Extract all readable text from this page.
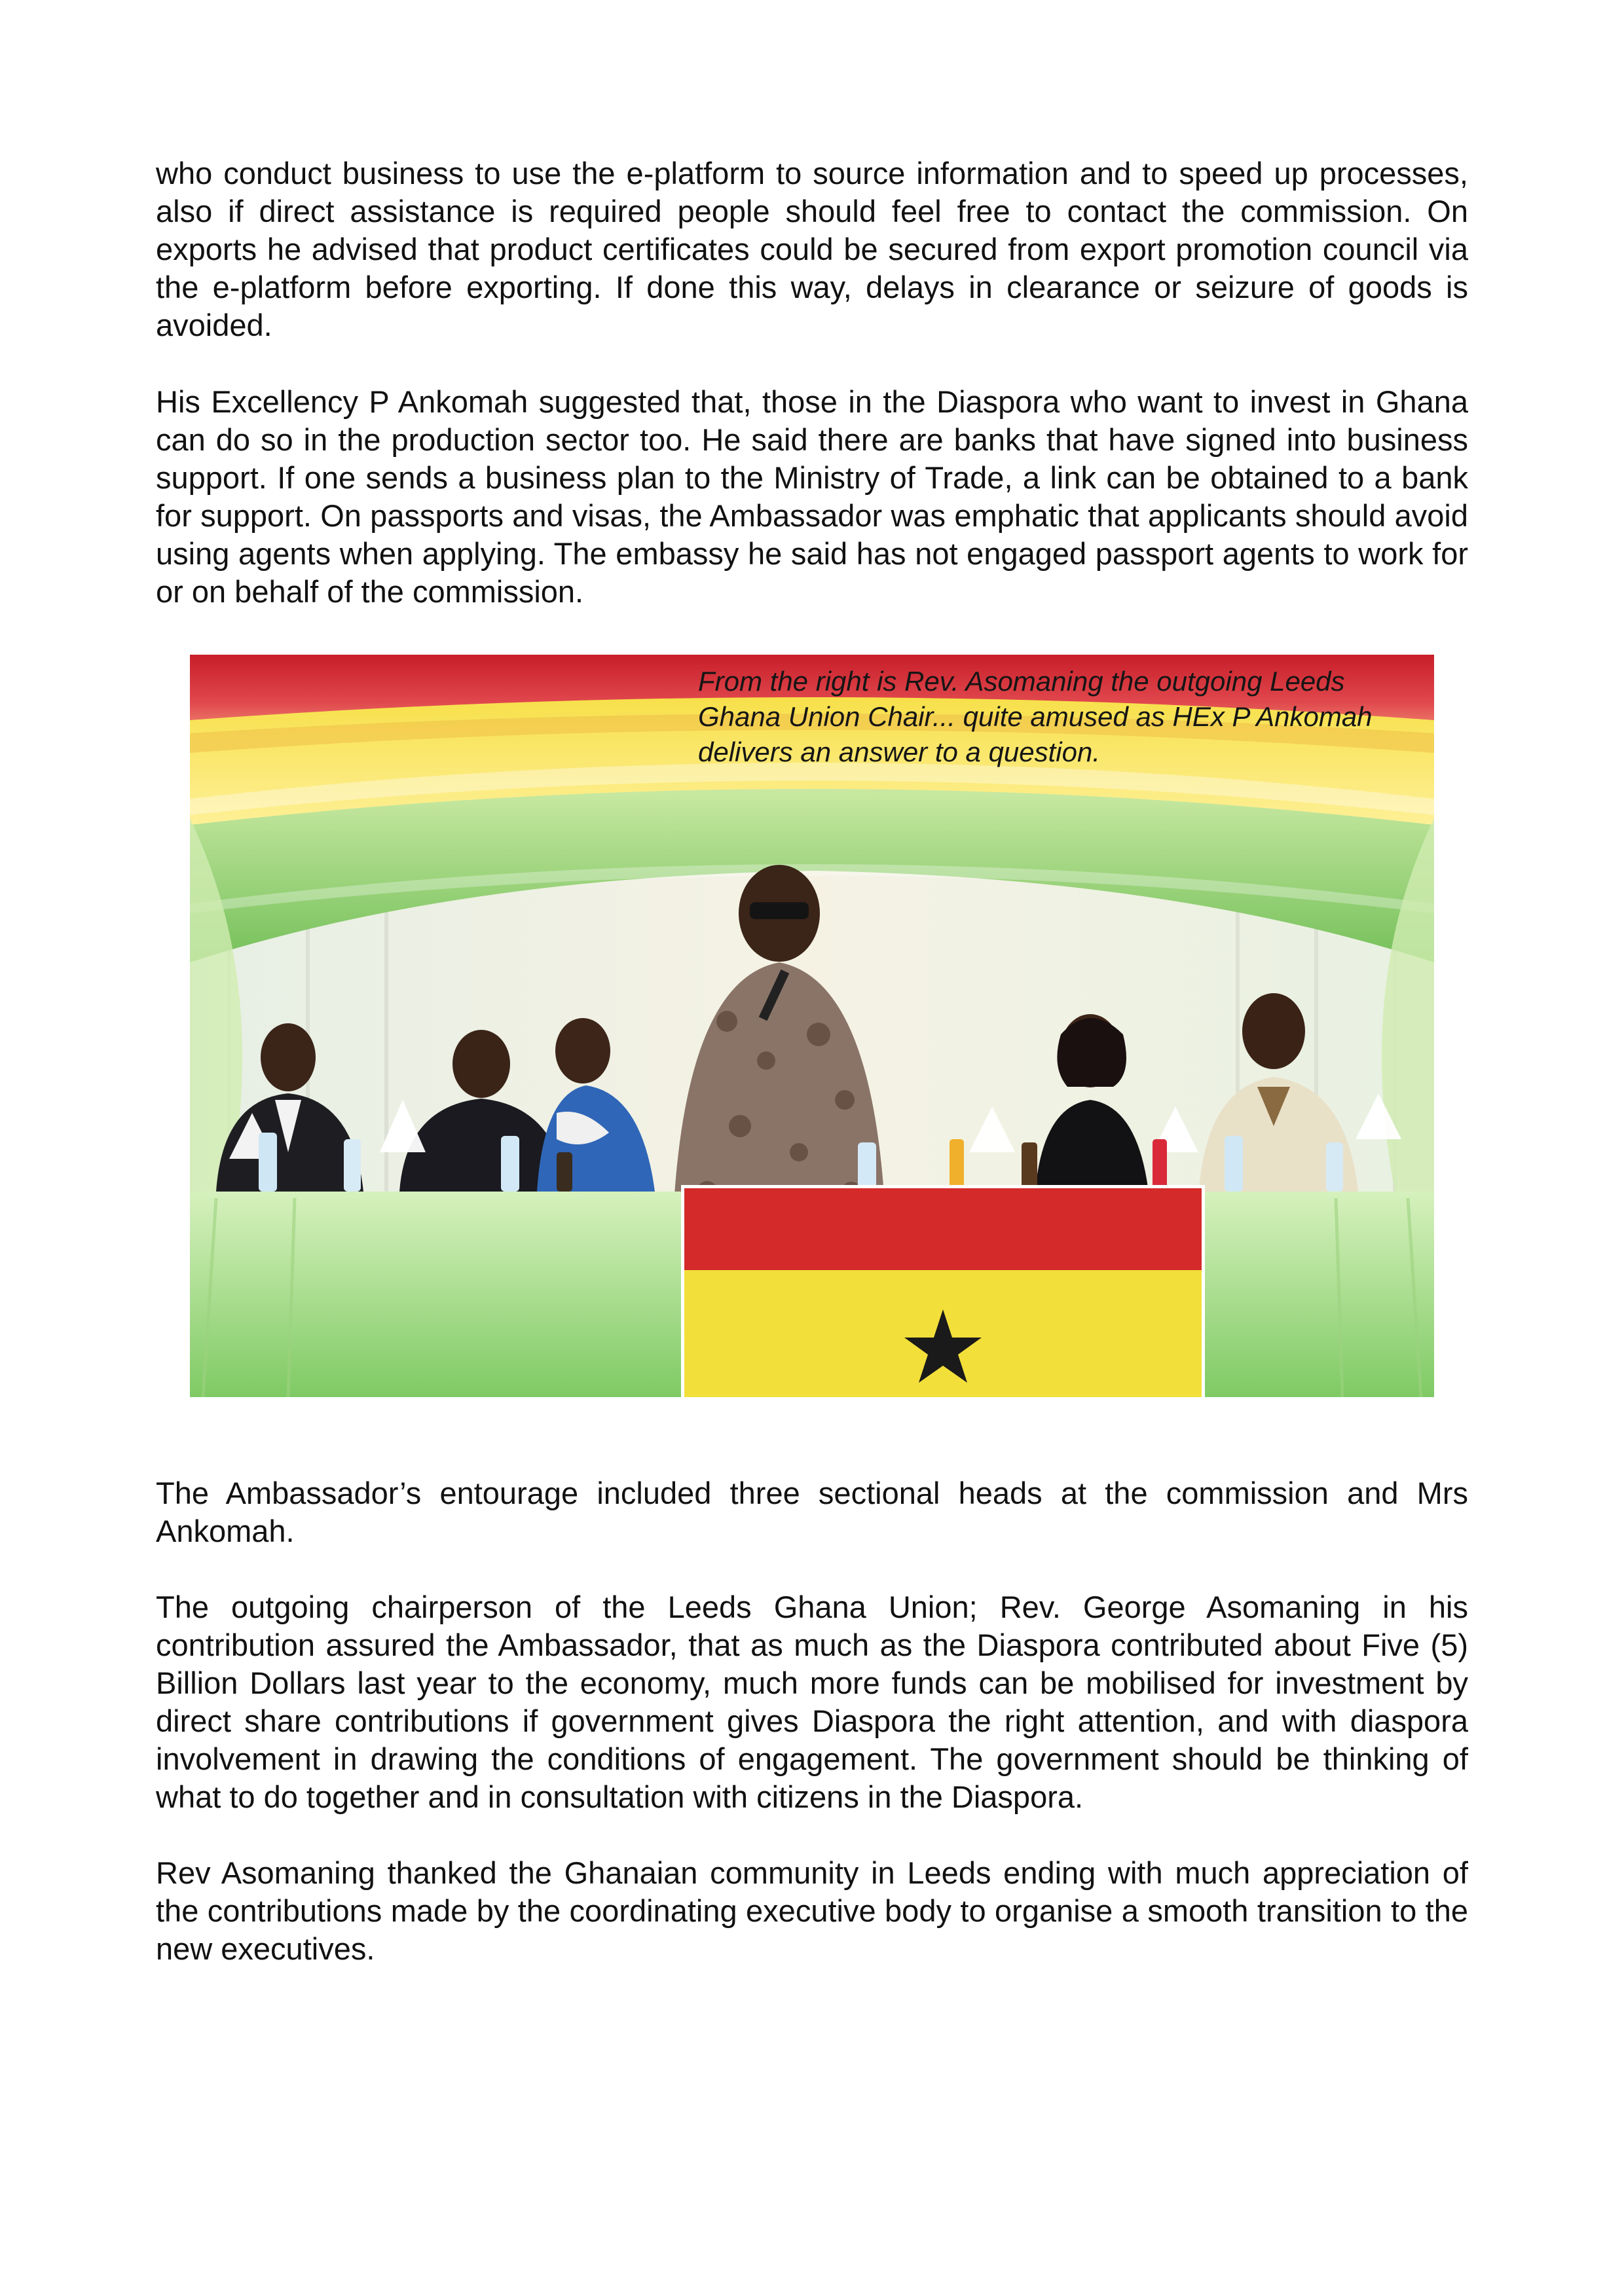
who conduct business to use the e-platform to source information and to speed up processes, also if direct assistance is required people should feel free to contact the commission. On exports he advised that product certificates could be secured from export promotion council via the e-platform before exporting. If done this way, delays in clearance or seizure of goods is avoided.

His Excellency P Ankomah suggested that, those in the Diaspora who want to invest in Ghana can do so in the production sector too. He said there are banks that have signed into business support. If one sends a business plan to the Ministry of Trade, a link can be obtained to a bank for support. On passports and visas, the Ambassador was emphatic that applicants should avoid using agents when applying. The embassy he said has not engaged passport agents to work for or on behalf of the commission.

From the right is Rev. Asomaning the outgoing Leeds Ghana Union Chair... quite amused as HEx P Ankomah delivers an answer to a question.

The Ambassador’s entourage included three sectional heads at the commission and Mrs Ankomah.

The outgoing chairperson of the Leeds Ghana Union; Rev. George Asomaning in his contribution assured the Ambassador, that as much as the Diaspora contributed about Five (5) Billion Dollars last year to the economy, much more funds can be mobilised for investment by direct share contributions if government gives Diaspora the right attention, and with diaspora involvement in drawing the conditions of engagement. The government should be thinking of what to do together and in consultation with citizens in the Diaspora.

Rev Asomaning thanked the Ghanaian community in Leeds ending with much appreciation of the contributions made by the coordinating executive body to organise a smooth transition to the new executives.
